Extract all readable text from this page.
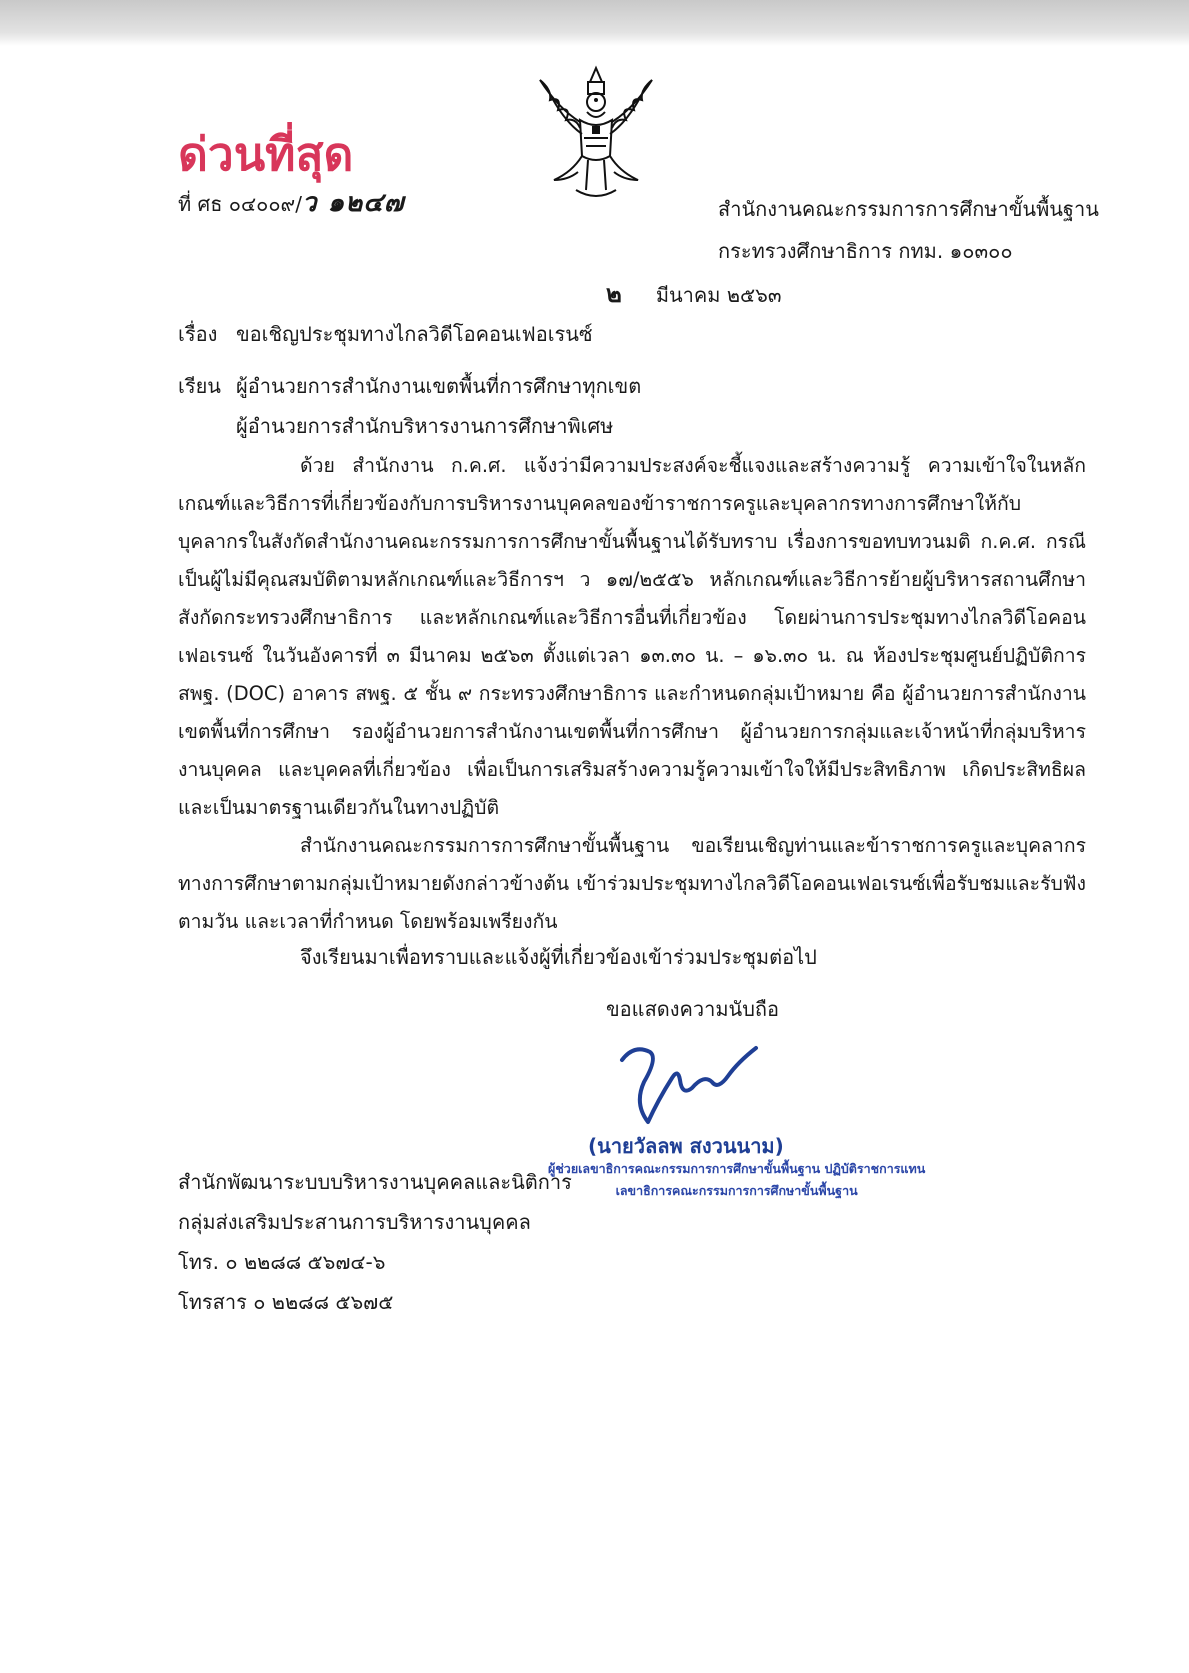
ด่วนที่สุด
ที่ ศธ ๐๔๐๐๙/ว ๑๒๔๗	สำนักงานคณะกรรมการการศึกษาขั้นพื้นฐาน
กระทรวงศึกษาธิการ กทม. ๑๐๓๐๐
๒ มีนาคม ๒๕๖๓
เรื่อง ขอเชิญประชุมทางไกลวิดีโอคอนเฟอเรนซ์
เรียน ผู้อำนวยการสำนักงานเขตพื้นที่การศึกษาทุกเขต
ผู้อำนวยการสำนักบริหารงานการศึกษาพิเศษ

ด้วย สำนักงาน ก.ค.ศ. แจ้งว่ามีความประสงค์จะชี้แจงและสร้างความรู้ ความเข้าใจในหลักเกณฑ์และวิธีการที่เกี่ยวข้องกับการบริหารงานบุคคลของข้าราชการครูและบุคลากรทางการศึกษาให้กับบุคลากรในสังกัดสำนักงานคณะกรรมการการศึกษาขั้นพื้นฐานได้รับทราบ เรื่องการขอทบทวนมติ ก.ค.ศ. กรณีเป็นผู้ไม่มีคุณสมบัติตามหลักเกณฑ์และวิธีการฯ ว ๑๗/๒๕๕๖ หลักเกณฑ์และวิธีการย้ายผู้บริหารสถานศึกษา สังกัดกระทรวงศึกษาธิการ และหลักเกณฑ์และวิธีการอื่นที่เกี่ยวข้อง โดยผ่านการประชุมทางไกลวิดีโอคอนเฟอเรนซ์ ในวันอังคารที่ ๓ มีนาคม ๒๕๖๓ ตั้งแต่เวลา ๑๓.๓๐ น. – ๑๖.๓๐ น. ณ ห้องประชุมศูนย์ปฏิบัติการ สพฐ. (DOC) อาคาร สพฐ. ๕ ชั้น ๙ กระทรวงศึกษาธิการ และกำหนดกลุ่มเป้าหมาย คือ ผู้อำนวยการสำนักงานเขตพื้นที่การศึกษา รองผู้อำนวยการสำนักงานเขตพื้นที่การศึกษา ผู้อำนวยการกลุ่มและเจ้าหน้าที่กลุ่มบริหารงานบุคคล และบุคคลที่เกี่ยวข้อง เพื่อเป็นการเสริมสร้างความรู้ความเข้าใจให้มีประสิทธิภาพ เกิดประสิทธิผลและเป็นมาตรฐานเดียวกันในทางปฏิบัติ

สำนักงานคณะกรรมการการศึกษาขั้นพื้นฐาน ขอเรียนเชิญท่านและข้าราชการครูและบุคลากรทางการศึกษาตามกลุ่มเป้าหมายดังกล่าวข้างต้น เข้าร่วมประชุมทางไกลวิดีโอคอนเฟอเรนซ์เพื่อรับชมและรับฟังตามวัน และเวลาที่กำหนด โดยพร้อมเพรียงกัน

จึงเรียนมาเพื่อทราบและแจ้งผู้ที่เกี่ยวข้องเข้าร่วมประชุมต่อไป
ขอแสดงความนับถือ
(นายวัลลพ สงวนนาม)
ผู้ช่วยเลขาธิการคณะกรรมการการศึกษาขั้นพื้นฐาน ปฏิบัติราชการแทน
เลขาธิการคณะกรรมการการศึกษาขั้นพื้นฐาน
สำนักพัฒนาระบบบริหารงานบุคคลและนิติการ
กลุ่มส่งเสริมประสานการบริหารงานบุคคล
โทร. ๐ ๒๒๘๘ ๕๖๗๔-๖
โทรสาร ๐ ๒๒๘๘ ๕๖๗๕
